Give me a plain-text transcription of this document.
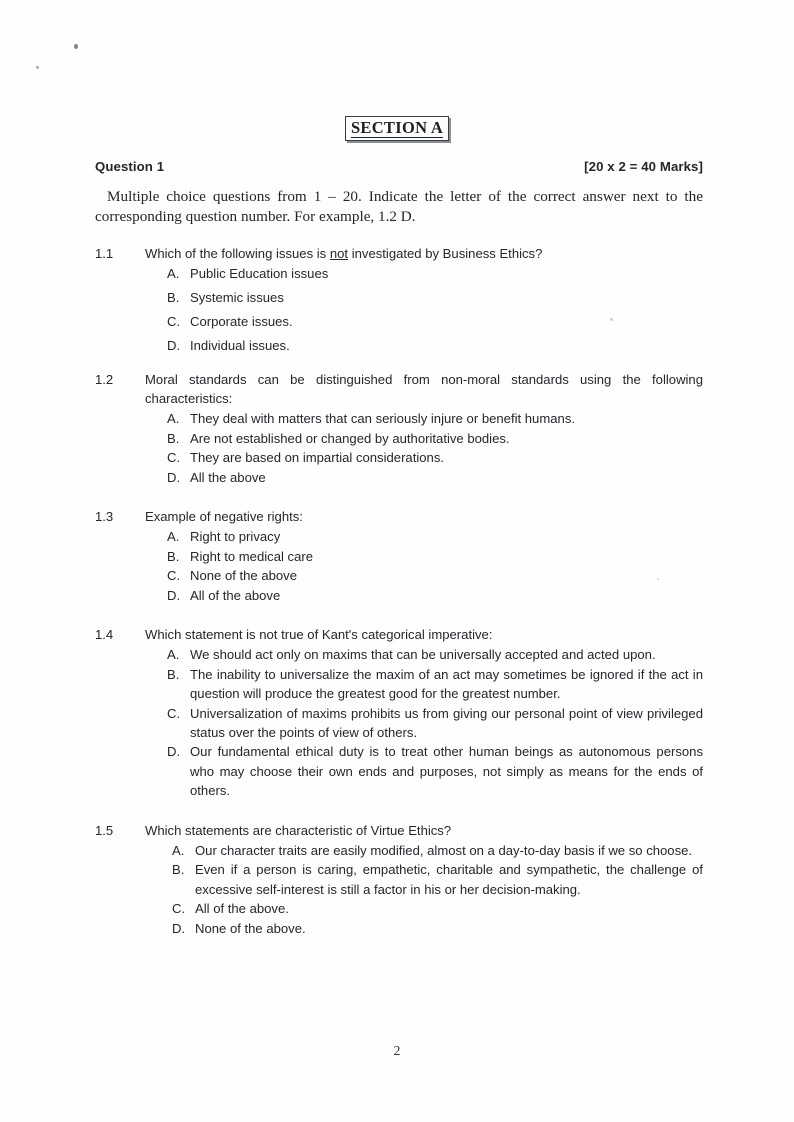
SECTION A
Question 1	[20 x 2 = 40 Marks]
Multiple choice questions from 1 – 20. Indicate the letter of the correct answer next to the corresponding question number. For example, 1.2 D.
1.1	Which of the following issues is not investigated by Business Ethics?
A. Public Education issues
B. Systemic issues
C. Corporate issues.
D. Individual issues.
1.2	Moral standards can be distinguished from non-moral standards using the following characteristics:
A. They deal with matters that can seriously injure or benefit humans.
B. Are not established or changed by authoritative bodies.
C. They are based on impartial considerations.
D. All the above
1.3	Example of negative rights:
A. Right to privacy
B. Right to medical care
C. None of the above
D. All of the above
1.4	Which statement is not true of Kant's categorical imperative:
A. We should act only on maxims that can be universally accepted and acted upon.
B. The inability to universalize the maxim of an act may sometimes be ignored if the act in question will produce the greatest good for the greatest number.
C. Universalization of maxims prohibits us from giving our personal point of view privileged status over the points of view of others.
D. Our fundamental ethical duty is to treat other human beings as autonomous persons who may choose their own ends and purposes, not simply as means for the ends of others.
1.5	Which statements are characteristic of Virtue Ethics?
A. Our character traits are easily modified, almost on a day-to-day basis if we so choose.
B. Even if a person is caring, empathetic, charitable and sympathetic, the challenge of excessive self-interest is still a factor in his or her decision-making.
C. All of the above.
D. None of the above.
2
